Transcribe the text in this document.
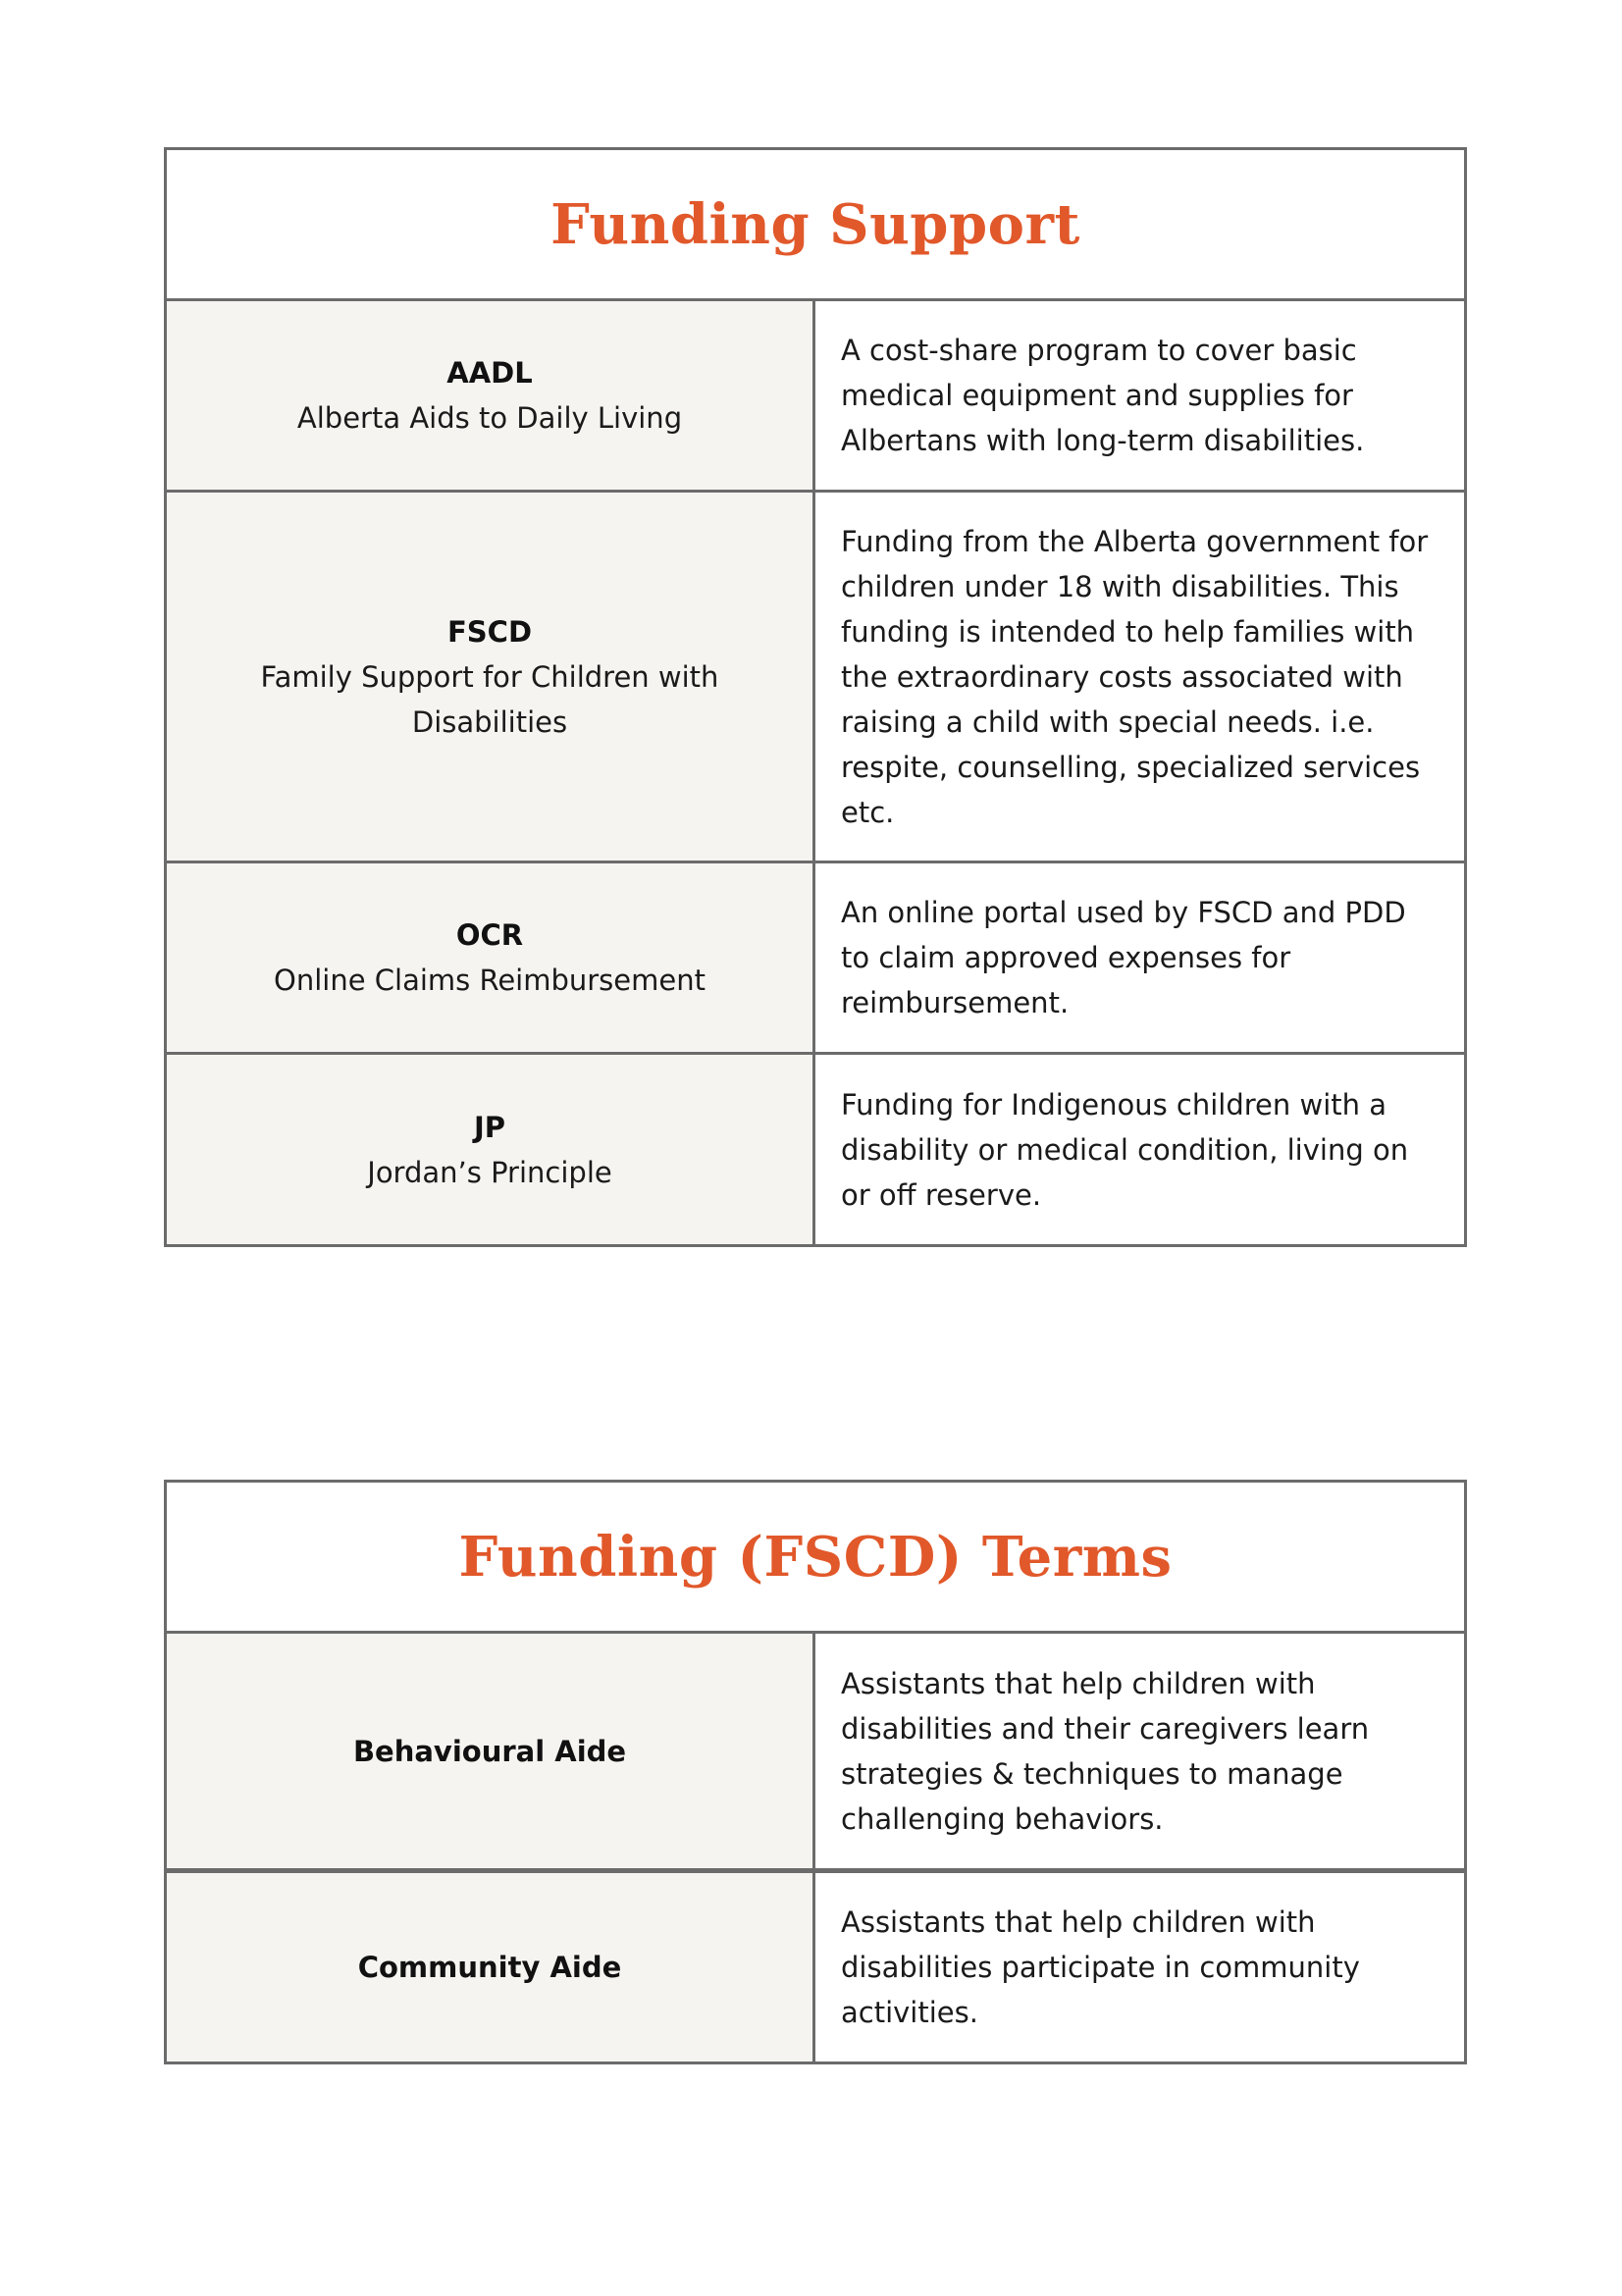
Funding Support
AADL
Alberta Aids to Daily Living
A cost-share program to cover basic medical equipment and supplies for Albertans with long-term disabilities.
FSCD
Family Support for Children with Disabilities
Funding from the Alberta government for children under 18 with disabilities. This funding is intended to help families with the extraordinary costs associated with raising a child with special needs. i.e. respite, counselling, specialized services etc.
OCR
Online Claims Reimbursement
An online portal used by FSCD and PDD to claim approved expenses for reimbursement.
JP
Jordan’s Principle
Funding for Indigenous children with a disability or medical condition, living on or off reserve.
Funding (FSCD) Terms
Behavioural Aide
Assistants that help children with disabilities and their caregivers learn strategies & techniques to manage challenging behaviors.
Community Aide
Assistants that help children with disabilities participate in community activities.
